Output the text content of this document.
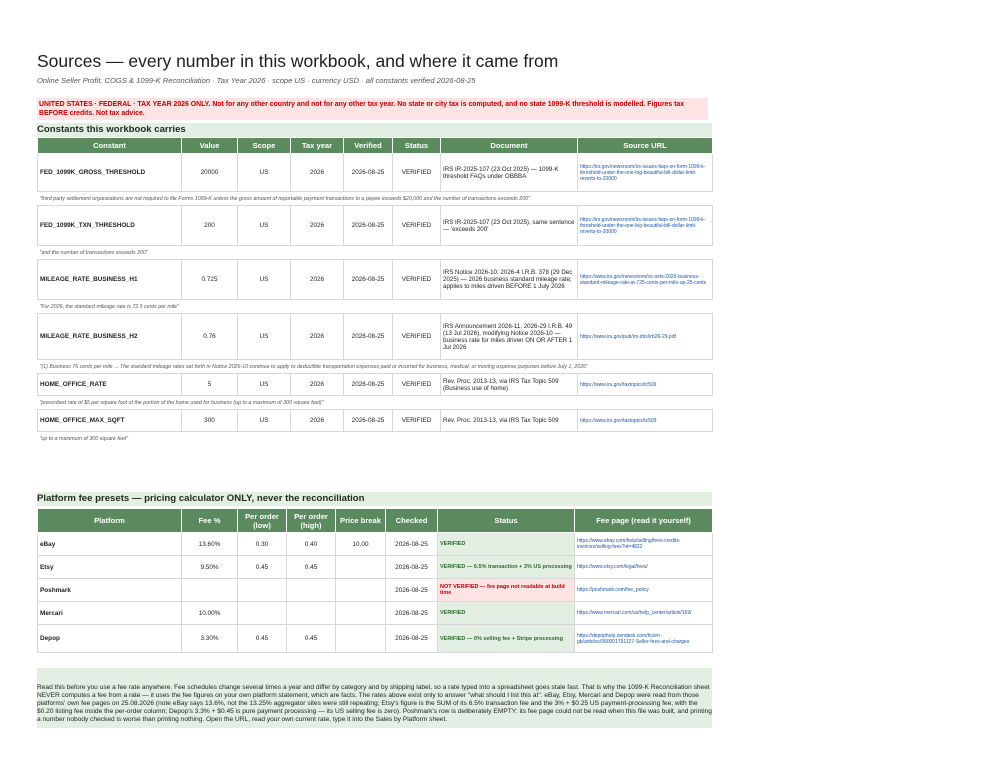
Sources — every number in this workbook, and where it came from
Online Seller Profit, COGS & 1099-K Reconciliation · Tax Year 2026 · scope US · currency USD · all constants verified 2026-08-25
UNITED STATES · FEDERAL · TAX YEAR 2026 ONLY. Not for any other country and not for any other tax year. No state or city tax is computed, and no state 1099-K threshold is modelled. Figures tax BEFORE credits. Not tax advice.
Constants this workbook carries
Constant	Value	Scope	Tax year	Verified	Status	Document	Source URL
FED_1099K_GROSS_THRESHOLD	20000	US	2026	2026-08-25	VERIFIED	IRS IR-2025-107 (23 Oct 2025) — 1099-K threshold FAQs under OBBBA	https://irs.gov/newsroom/irs-issues-faqs-on-form-1099-k-threshold-under-the-one-big-beautiful-bill-dollar-limit-reverts-to-20000
"third party settlement organizations are not required to file Forms 1099-K unless the gross amount of reportable payment transactions to a payee exceeds $20,000 and the number of transactions exceeds 200"							
FED_1099K_TXN_THRESHOLD	200	US	2026	2026-08-25	VERIFIED	IRS IR-2025-107 (23 Oct 2025), same sentence — 'exceeds 200'	https://irs.gov/newsroom/irs-issues-faqs-on-form-1099-k-threshold-under-the-one-big-beautiful-bill-dollar-limit-reverts-to-20000
"and the number of transactions exceeds 200"							
MILEAGE_RATE_BUSINESS_H1	0.725	US	2026	2026-08-25	VERIFIED	IRS Notice 2026-10; 2026-4 I.R.B. 378 (29 Dec 2025) — 2026 business standard mileage rate; applies to miles driven BEFORE 1 July 2026	https://www.irs.gov/newsroom/irs-sets-2026-business-standard-mileage-rate-at-725-cents-per-mile-up-25-cents
"For 2026, the standard mileage rate is 72.5 cents per mile"							
MILEAGE_RATE_BUSINESS_H2	0.76	US	2026	2026-08-25	VERIFIED	IRS Announcement 2026-11, 2026-29 I.R.B. 49 (13 Jul 2026), modifying Notice 2026-10 — business rate for miles driven ON OR AFTER 1 Jul 2026	https://www.irs.gov/pub/irs-irbs/irb26-29.pdf
"(1) Business 76 cents per mile ... The standard mileage rates set forth in Notice 2026-10 continue to apply to deductible transportation expenses paid or incurred for business, medical, or moving expense purposes before July 1, 2026"							
HOME_OFFICE_RATE	5	US	2026	2026-08-25	VERIFIED	Rev. Proc. 2013-13, via IRS Tax Topic 509 (Business use of home)	https://www.irs.gov/taxtopics/tc509
"prescribed rate of $5 per square foot of the portion of the home used for business (up to a maximum of 300 square feet)"							
HOME_OFFICE_MAX_SQFT	300	US	2026	2026-08-25	VERIFIED	Rev. Proc. 2013-13, via IRS Tax Topic 509	https://www.irs.gov/taxtopics/tc509
"up to a maximum of 300 square feet"							
Platform fee presets — pricing calculator ONLY, never the reconciliation
Platform	Fee %	Per order (low)	Per order (high)	Price break	Checked	Status	Fee page (read it yourself)
eBay	13.60%	0.30	0.40	10.00	2026-08-25	VERIFIED	https://www.ebay.com/help/selling/fees-credits-invoices/selling-fees?id=4822
Etsy	9.50%	0.45	0.45		2026-08-25	VERIFIED — 6.5% transaction + 3% US processing	https://www.etsy.com/legal/fees/
Poshmark					2026-08-25	NOT VERIFIED — fee page not readable at build time	https://poshmark.com/fee_policy
Mercari	10.00%				2026-08-25	VERIFIED	https://www.mercari.com/us/help_center/article/169/
Depop	3.30%	0.45	0.45		2026-08-25	VERIFIED — 0% selling fee + Stripe processing	https://depophelp.zendesk.com/hc/en-gb/articles/360001791127-Seller-fees-and-charges
Read this before you use a fee rate anywhere. Fee schedules change several times a year and differ by category and by shipping label, so a rate typed into a spreadsheet goes stale fast. That is why the 1099-K Reconciliation sheet NEVER computes a fee from a rate — it uses the fee figures on your own platform statement, which are facts. The rates above exist only to answer "what should I list this at". eBay, Etsy, Mercari and Depop were read from those platforms' own fee pages on 25.08.2026 (note eBay says 13.6%, not the 13.25% aggregator sites were still repeating; Etsy's figure is the SUM of its 6.5% transaction fee and the 3% + $0.25 US payment-processing fee, with the $0.20 listing fee inside the per-order column; Depop's 3.3% + $0.45 is pure payment processing — its US selling fee is zero). Poshmark's row is deliberately EMPTY: its fee page could not be read when this file was built, and printing a number nobody checked is worse than printing nothing. Open the URL, read your own current rate, type it into the Sales by Platform sheet.
